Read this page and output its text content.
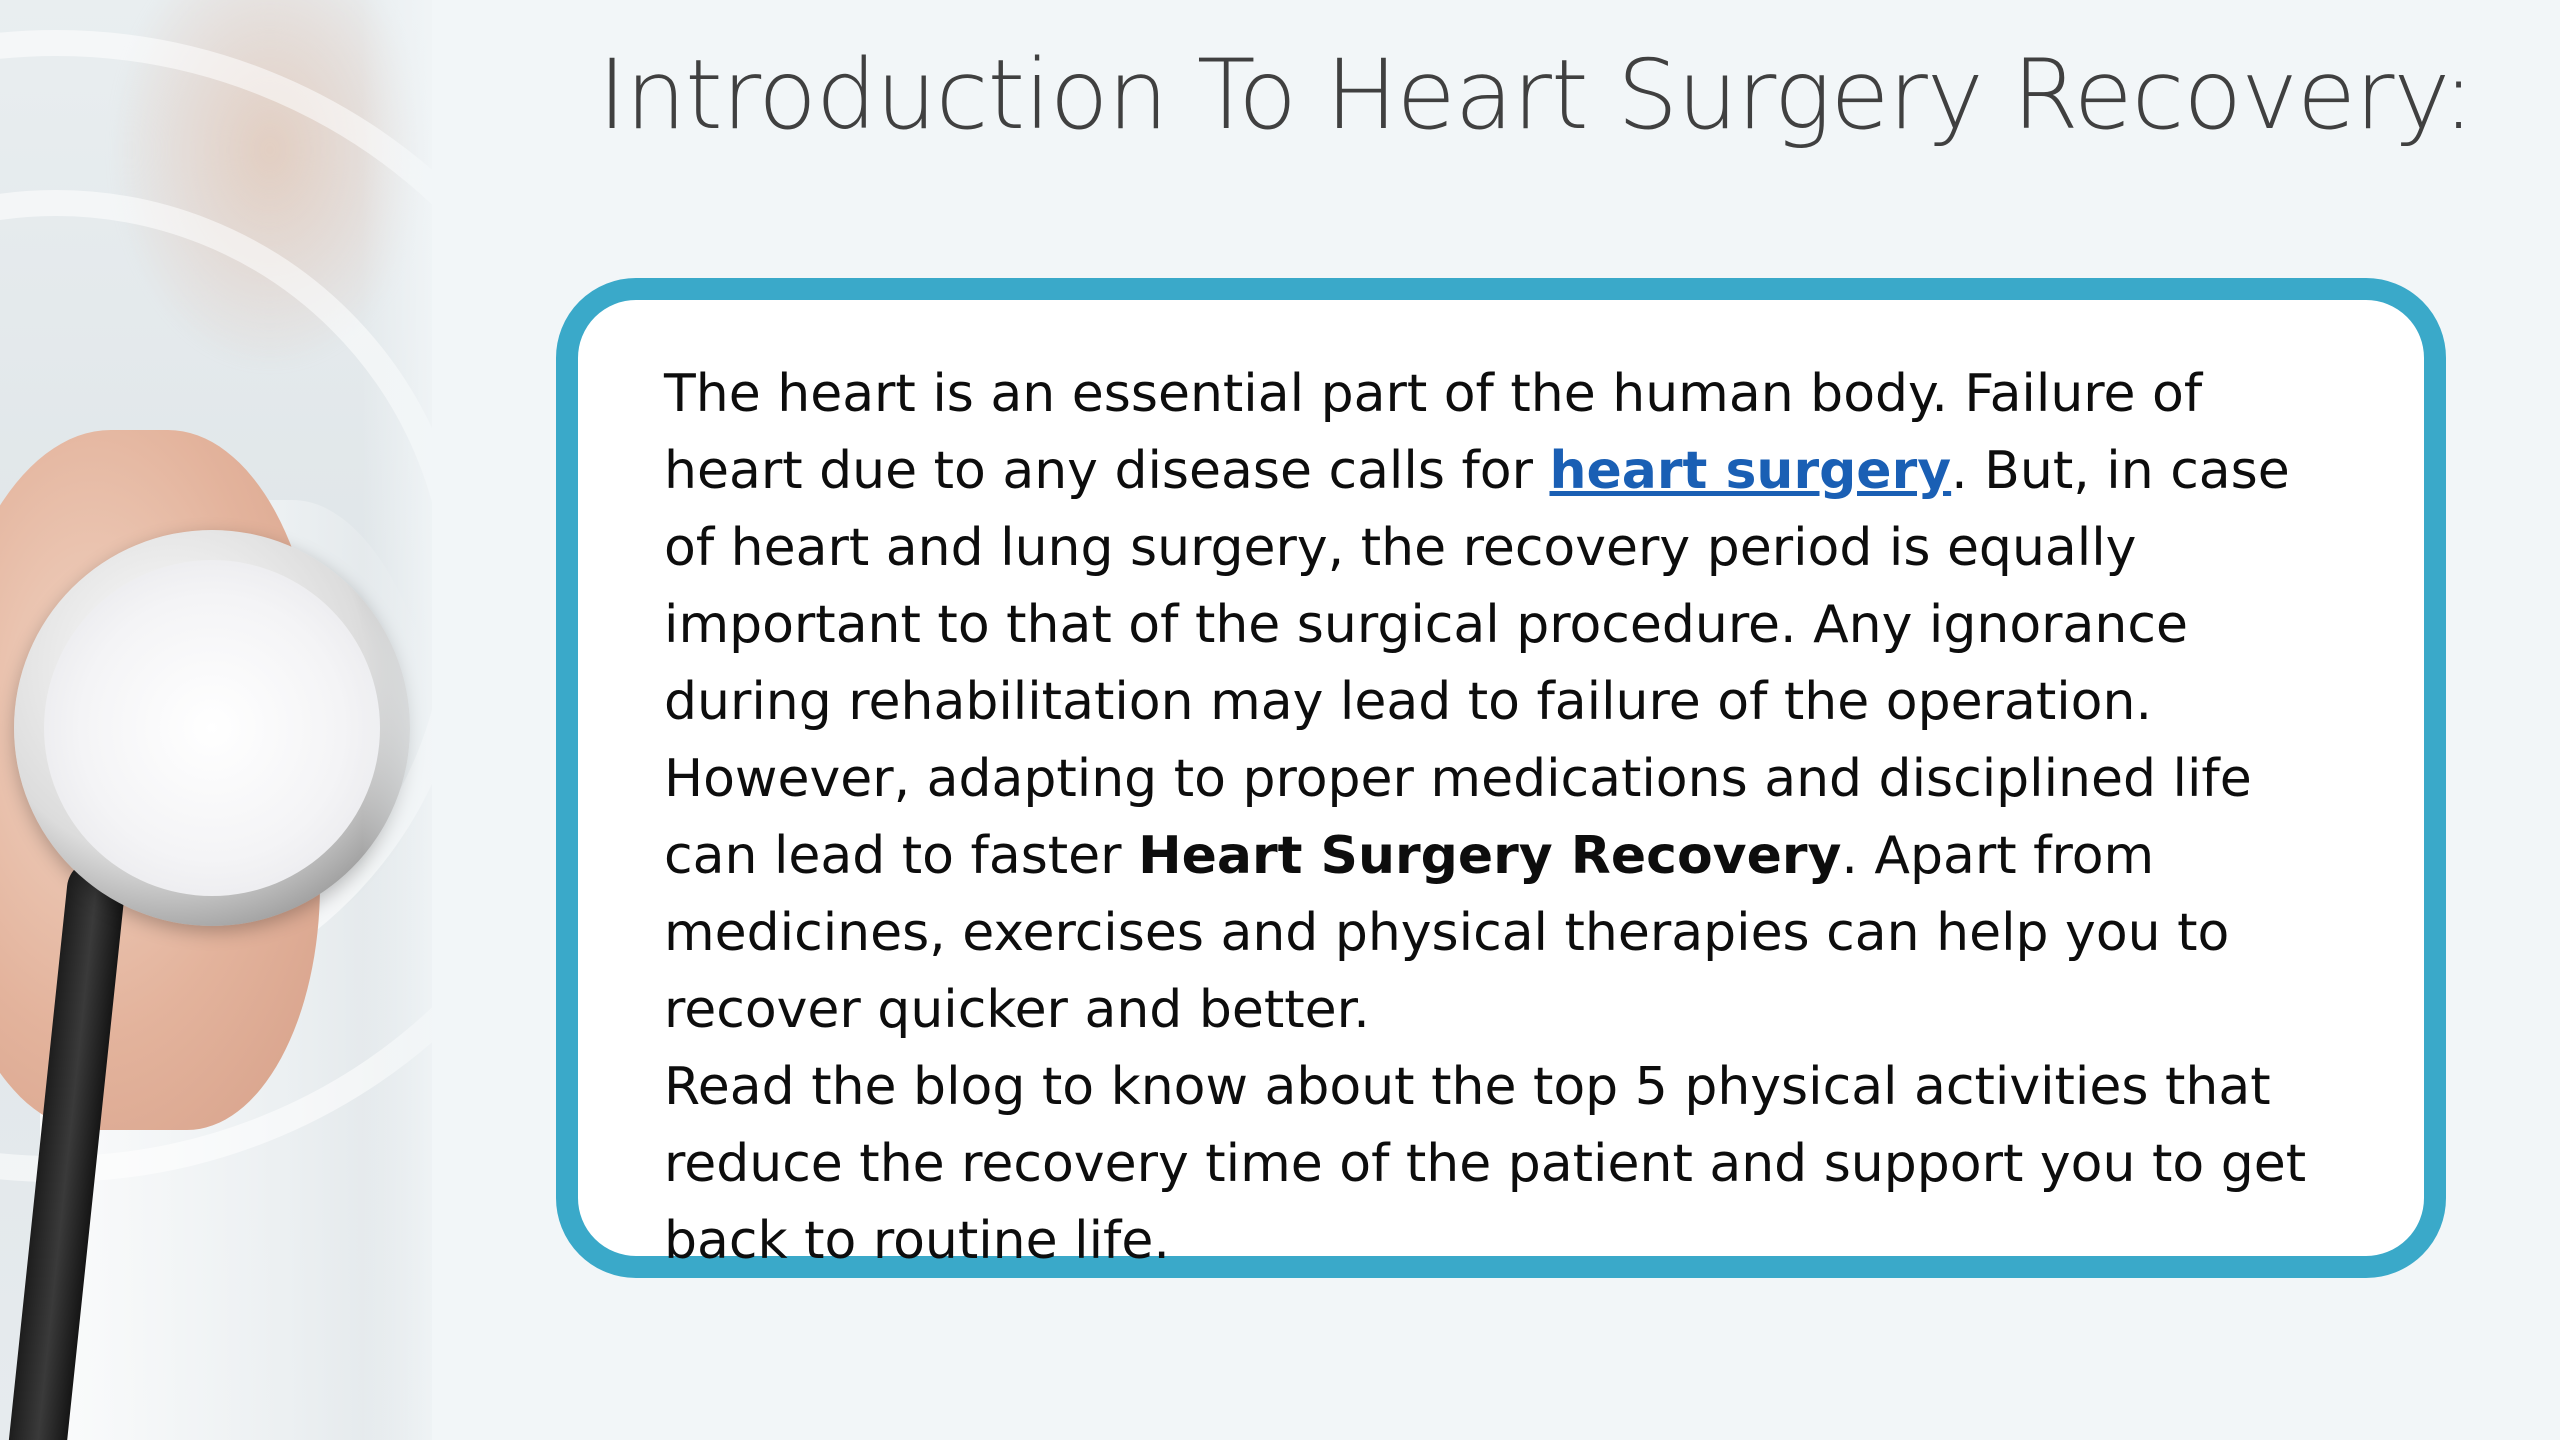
Introduction To Heart Surgery Recovery:

The heart is an essential part of the human body. Failure of heart due to any disease calls for heart surgery. But, in case of heart and lung surgery, the recovery period is equally important to that of the surgical procedure. Any ignorance during rehabilitation may lead to failure of the operation.

However, adapting to proper medications and disciplined life can lead to faster Heart Surgery Recovery. Apart from medicines, exercises and physical therapies can help you to recover quicker and better.

Read the blog to know about the top 5 physical activities that reduce the recovery time of the patient and support you to get back to routine life.
